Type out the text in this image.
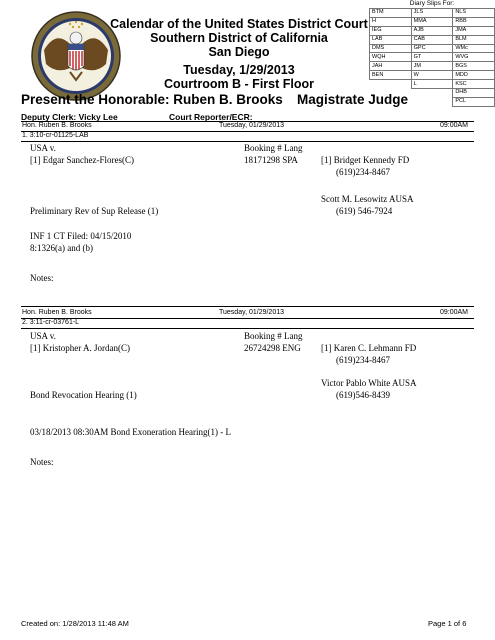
Calendar of the United States District Court
Southern District of California
San Diego
Tuesday, 1/29/2013
Courtroom B - First Floor
Diary Slips For:
BTM	JLS	NLS
H	MMA	RBB
IEG	AJB	JMA
LAB	CAB	BLM
DMS	GPC	WMc
WQH	GT	WVG
JAH	JM	BGS
BEN	W	MDD
	L	KSC
		DHB
		PCL
Present the Honorable: Ruben B. Brooks Magistrate Judge
Deputy Clerk: Vicky Lee	Court Reporter/ECR:
Hon. Ruben B. Brooks	Tuesday, 01/29/2013	09:00AM
1. 3:10-cr-01125-LAB
USA v.	Booking # Lang
[1] Edgar Sanchez-Flores(C)	18171298 SPA	[1] Bridget Kennedy FD
(619)234-8467
Scott M. Lesowitz AUSA
(619) 546-7924
Preliminary Rev of Sup Release (1)
INF 1 CT Filed: 04/15/2010
8:1326(a) and (b)
Notes:
Hon. Ruben B. Brooks	Tuesday, 01/29/2013	09:00AM
2. 3:11-cr-03761-L
USA v.	Booking # Lang
[1] Kristopher A. Jordan(C)	26724298 ENG [1] Karen C. Lehmann FD
(619)234-8467
Victor Pablo White AUSA
(619)546-8439
Bond Revocation Hearing (1)
03/18/2013 08:30AM Bond Exoneration Hearing(1) - L
Notes:
Created on: 1/28/2013 11:48 AM	Page 1 of 6
